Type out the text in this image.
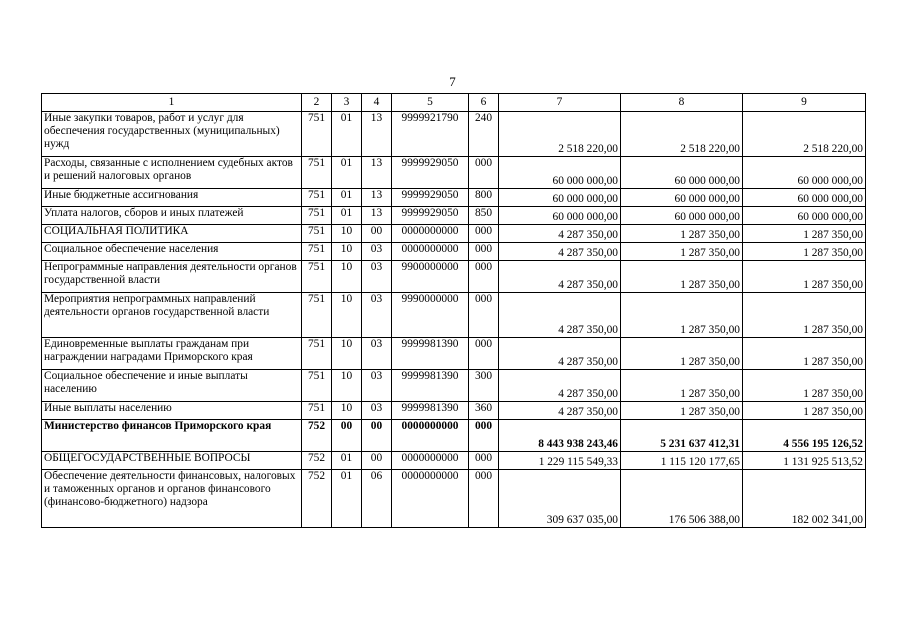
7
1	2	3	4	5	6	7	8	9
Иные закупки товаров, работ и услуг для обеспечения государственных (муниципальных) нужд	751	01	13	9999921790	240	2 518 220,00	2 518 220,00	2 518 220,00
Расходы, связанные с исполнением судебных актов и решений налоговых органов	751	01	13	9999929050	000	60 000 000,00	60 000 000,00	60 000 000,00
Иные бюджетные ассигнования	751	01	13	9999929050	800	60 000 000,00	60 000 000,00	60 000 000,00
Уплата налогов, сборов и иных платежей	751	01	13	9999929050	850	60 000 000,00	60 000 000,00	60 000 000,00
СОЦИАЛЬНАЯ ПОЛИТИКА	751	10	00	0000000000	000	4 287 350,00	1 287 350,00	1 287 350,00
Социальное обеспечение населения	751	10	03	0000000000	000	4 287 350,00	1 287 350,00	1 287 350,00
Непрограммные направления деятельности органов государственной власти	751	10	03	9900000000	000	4 287 350,00	1 287 350,00	1 287 350,00
Мероприятия непрограммных направлений деятельности органов государственной власти	751	10	03	9990000000	000	4 287 350,00	1 287 350,00	1 287 350,00
Единовременные выплаты гражданам при награждении наградами Приморского края	751	10	03	9999981390	000	4 287 350,00	1 287 350,00	1 287 350,00
Социальное обеспечение и иные выплаты населению	751	10	03	9999981390	300	4 287 350,00	1 287 350,00	1 287 350,00
Иные выплаты населению	751	10	03	9999981390	360	4 287 350,00	1 287 350,00	1 287 350,00
Министерство финансов Приморского края	752	00	00	0000000000	000	8 443 938 243,46	5 231 637 412,31	4 556 195 126,52
ОБЩЕГОСУДАРСТВЕННЫЕ ВОПРОСЫ	752	01	00	0000000000	000	1 229 115 549,33	1 115 120 177,65	1 131 925 513,52
Обеспечение деятельности финансовых, налоговых и таможенных органов и органов финансового (финансово-бюджетного) надзора	752	01	06	0000000000	000	309 637 035,00	176 506 388,00	182 002 341,00
